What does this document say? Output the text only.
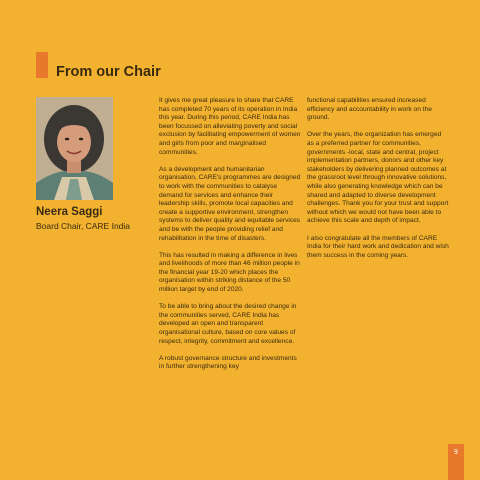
From our Chair
Neera Saggi
Board Chair, CARE India

It gives me great pleasure to share that CARE has completed 70 years of its operation in India this year. During this period, CARE India has been focussed on alleviating poverty and social exclusion by facilitating empowerment of women and girls from poor and marginalised communities.

As a development and humanitarian organisation, CARE's programmes are designed to work with the communities to catalyse demand for services and enhance their leadership skills, promote local capacities and create a supportive environment, strengthen systems to deliver quality and equitable services and be with the people providing relief and rehabilitation in the time of disasters.

This has resulted in making a difference in lives and livelihoods of more than 46 million people in the financial year 19-20 which places the organisation within striking distance of the 50 million target by end of 2020.

To be able to bring about the desired change in the communities served, CARE India has developed an open and transparent organisational culture, based on core values of respect, integrity, commitment and excellence.

A robust governance structure and investments in further strengthening key

functional capabilities ensured increased efficiency and accountability in work on the ground.

Over the years, the organization has emerged as a preferred partner for communities, governments -local, state and central, project implementation partners, donors and other key stakeholders by delivering planned outcomes at the grassroot level through innovative solutions, while also generating knowledge which can be shared and adapted to diverse development challenges. Thank you for your trust and support without which we would not have been able to achieve this scale and depth of impact.

I also congratulate all the members of CARE India for their hard work and dedication and wish them success in the coming years.

9
